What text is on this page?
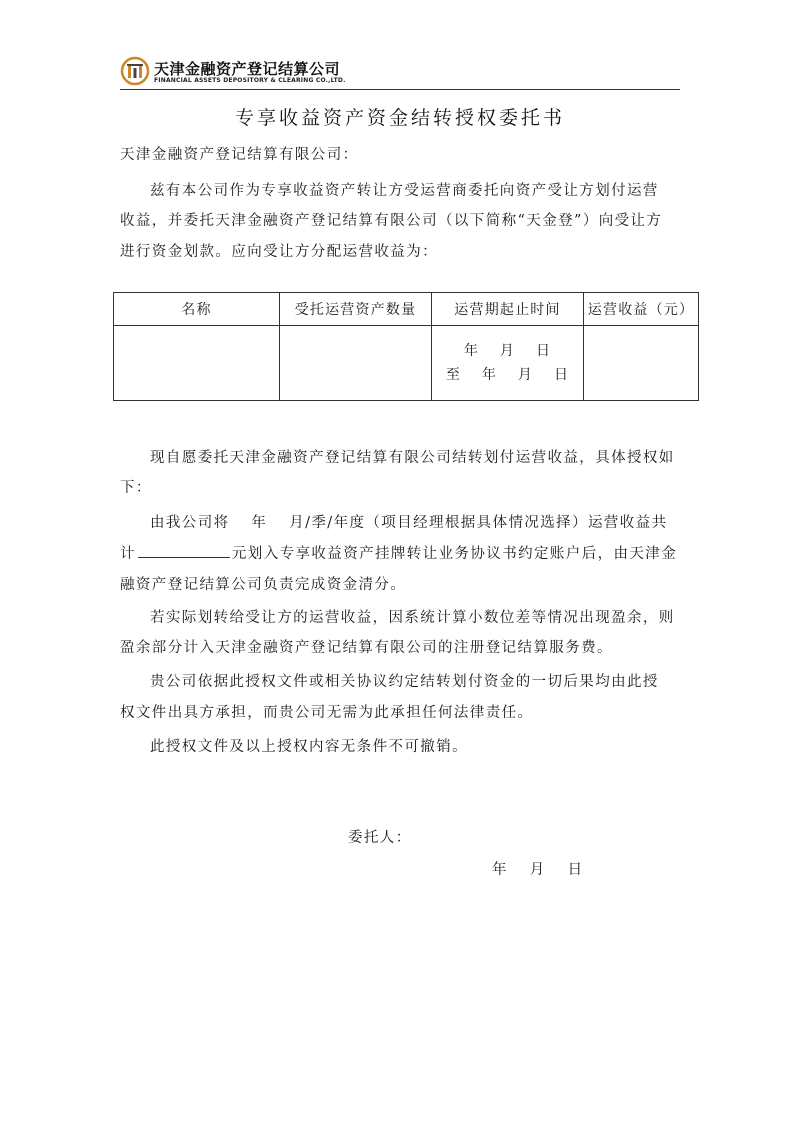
天津金融资产登记结算公司
FINANCIAL ASSETS DEPOSITORY & CLEARING CO.,LTD.
专享收益资产资金结转授权委托书
天津金融资产登记结算有限公司：
兹有本公司作为专享收益资产转让方受运营商委托向资产受让方划付运营
收益，并委托天津金融资产登记结算有限公司（以下简称“天金登”）向受让方
进行资金划款。应向受让方分配运营收益为：
名称	受托运营资产数量	运营期起止时间	运营收益（元）

		年　 月　 日
至　 年　 月　 日	

现自愿委托天津金融资产登记结算有限公司结转划付运营收益，具体授权如
下：
由我公司将　 年　 月/季/年度（项目经理根据具体情况选择）运营收益共
计	元划入专享收益资产挂牌转让业务协议书约定账户后，由天津金
融资产登记结算公司负责完成资金清分。
若实际划转给受让方的运营收益，因系统计算小数位差等情况出现盈余，则
盈余部分计入天津金融资产登记结算有限公司的注册登记结算服务费。
贵公司依据此授权文件或相关协议约定结转划付资金的一切后果均由此授
权文件出具方承担，而贵公司无需为此承担任何法律责任。
此授权文件及以上授权内容无条件不可撤销。
委托人：
年　 月　 日
